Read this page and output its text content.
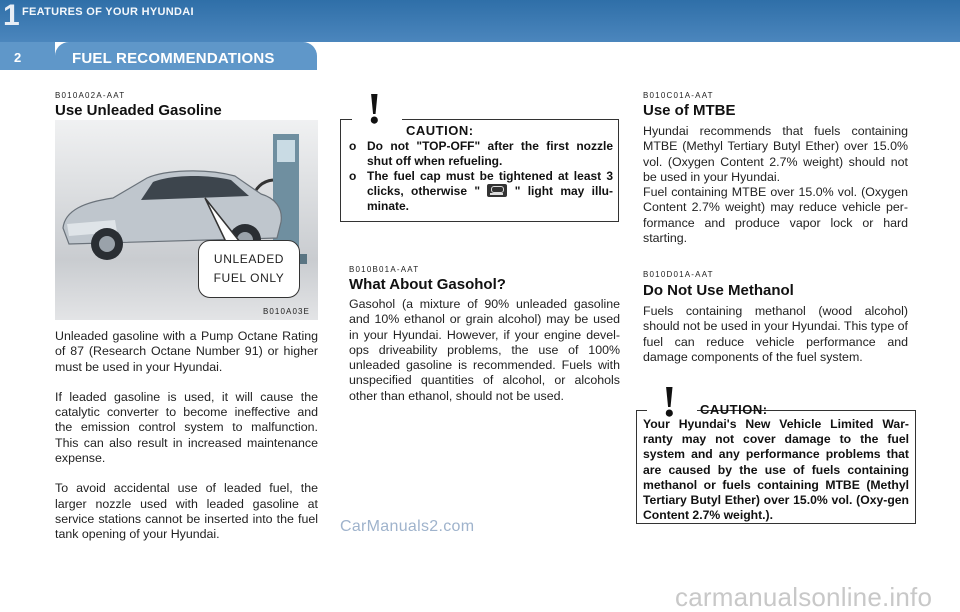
1 FEATURES OF YOUR HYUNDAI
2	FUEL RECOMMENDATIONS
B010A02A-AAT
Use Unleaded Gasoline
B010A03E
UNLEADED
FUEL ONLY

Unleaded gasoline with a Pump Octane Rating of 87 (Research Octane Number 91) or higher must be used in your Hyundai.

If leaded gasoline is used, it will cause the catalytic converter to become ineffective and the emission control system to malfunction. This can also result in increased maintenance expense.

To avoid accidental use of leaded fuel, the larger nozzle used with leaded gasoline at service stations cannot be inserted into the fuel tank opening of your Hyundai.

! CAUTION:
o Do not "TOP-OFF" after the first nozzle shut off when refueling.
o The fuel cap must be tightened at least 3 clicks, otherwise "	" light may illu-minate.
B010B01A-AAT
What About Gasohol?
Gasohol (a mixture of 90% unleaded gasoline and 10% ethanol or grain alcohol) may be used in your Hyundai. However, if your engine devel-ops driveability problems, the use of 100% unleaded gasoline is recommended. Fuels with unspecified quantities of alcohol, or alcohols other than ethanol, should not be used.
CarManuals2.com
B010C01A-AAT
Use of MTBE

Hyundai recommends that fuels containing MTBE (Methyl Tertiary Butyl Ether) over 15.0% vol. (Oxygen Content 2.7% weight) should not be used in your Hyundai.

Fuel containing MTBE over 15.0% vol. (Oxygen Content 2.7% weight) may reduce vehicle per-formance and produce vapor lock or hard starting.

B010D01A-AAT
Do Not Use Methanol
Fuels containing methanol (wood alcohol) should not be used in your Hyundai. This type of fuel can reduce vehicle performance and damage components of the fuel system.
! CAUTION:
Your Hyundai's New Vehicle Limited War-ranty may not cover damage to the fuel system and any performance problems that are caused by the use of fuels containing methanol or fuels containing MTBE (Methyl Tertiary Butyl Ether) over 15.0% vol. (Oxy-gen Content 2.7% weight.).
carmanualsonline.info
